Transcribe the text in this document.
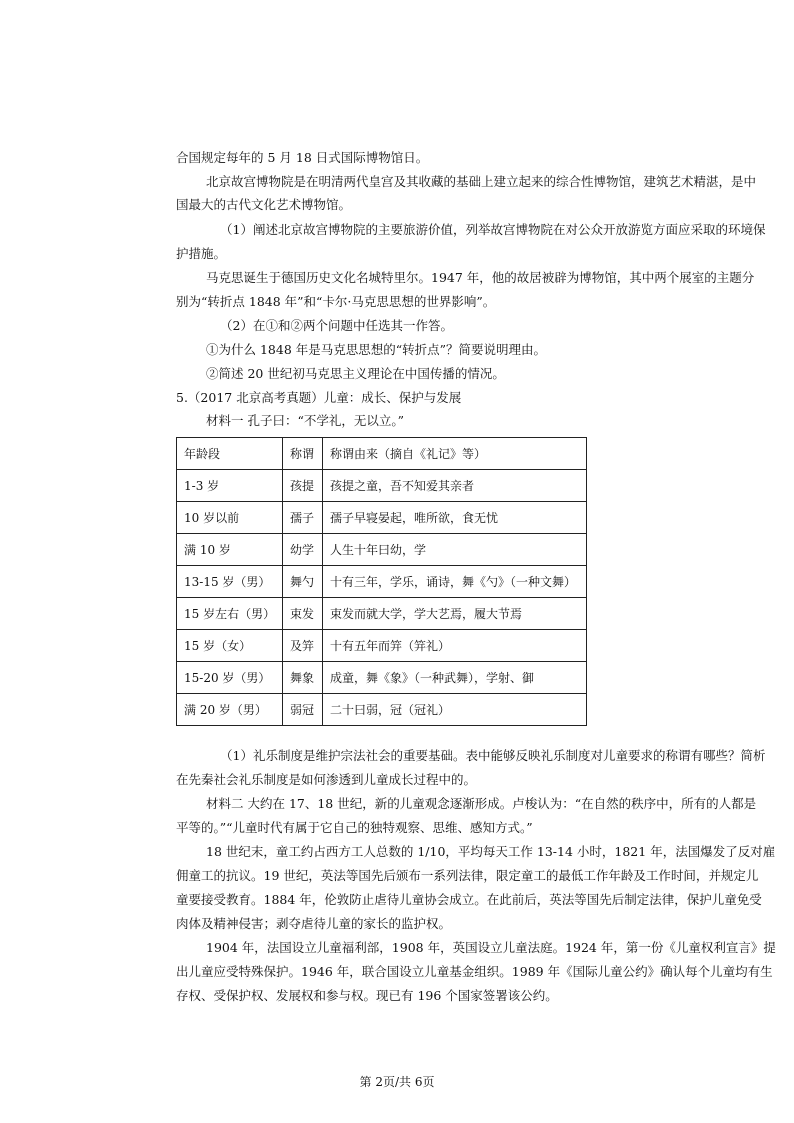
合国规定每年的 5 月 18 日式国际博物馆日。
北京故宫博物院是在明清两代皇宫及其收藏的基础上建立起来的综合性博物馆，建筑艺术精湛，是中
国最大的古代文化艺术博物馆。
（1）阐述北京故宫博物院的主要旅游价值，列举故宫博物院在对公众开放游览方面应采取的环境保
护措施。
马克思诞生于德国历史文化名城特里尔。1947 年，他的故居被辟为博物馆，其中两个展室的主题分
别为“转折点 1848 年”和“卡尔·马克思思想的世界影响”。
（2）在①和②两个问题中任选其一作答。
①为什么 1848 年是马克思思想的“转折点”？简要说明理由。
②简述 20 世纪初马克思主义理论在中国传播的情况。
5.（2017 北京高考真题）儿童：成长、保护与发展
材料一 孔子曰：“不学礼，无以立。”
年龄段	称谓	称谓由来（摘自《礼记》等）
1-3 岁	孩提	孩提之童，吾不知爱其亲者
10 岁以前	孺子	孺子早寝晏起，唯所欲，食无忧
满 10 岁	幼学	人生十年曰幼，学
13-15 岁（男）	舞勺	十有三年，学乐，诵诗，舞《勺》（一种文舞）
15 岁左右（男）	束发	束发而就大学，学大艺焉，履大节焉
15 岁（女）	及笄	十有五年而笄（笄礼）
15-20 岁（男）	舞象	成童，舞《象》（一种武舞），学射、御
满 20 岁（男）	弱冠	二十曰弱，冠（冠礼）
（1）礼乐制度是维护宗法社会的重要基础。表中能够反映礼乐制度对儿童要求的称谓有哪些？简析
在先秦社会礼乐制度是如何渗透到儿童成长过程中的。
材料二 大约在 17、18 世纪，新的儿童观念逐渐形成。卢梭认为：“在自然的秩序中，所有的人都是
平等的。”“儿童时代有属于它自己的独特观察、思维、感知方式。”
18 世纪末，童工约占西方工人总数的 1/10，平均每天工作 13-14 小时，1821 年，法国爆发了反对雇
佣童工的抗议。19 世纪，英法等国先后颁布一系列法律，限定童工的最低工作年龄及工作时间，并规定儿
童要接受教育。1884 年，伦敦防止虐待儿童协会成立。在此前后，英法等国先后制定法律，保护儿童免受
肉体及精神侵害；剥夺虐待儿童的家长的监护权。
1904 年，法国设立儿童福利部，1908 年，英国设立儿童法庭。1924 年，第一份《儿童权利宣言》提
出儿童应受特殊保护。1946 年，联合国设立儿童基金组织。1989 年《国际儿童公约》确认每个儿童均有生
存权、受保护权、发展权和参与权。现已有 196 个国家签署该公约。
第 2页/共 6页
